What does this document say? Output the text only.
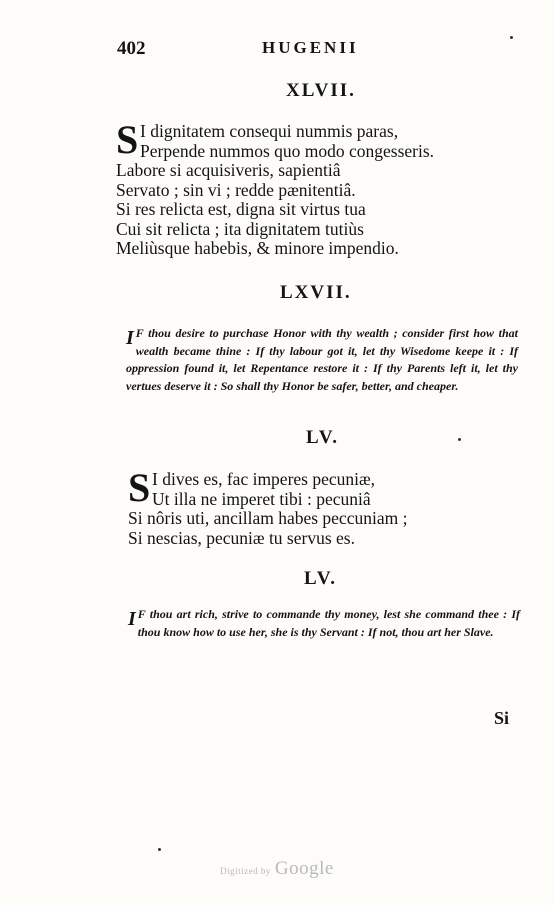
402	HUGENII
XLVII.
S I dignitatem consequi nummis paras,
Perpende nummos quo modo congesseris.
Labore si acquisiveris, sapientiâ
Servato ; sin vi ; redde pænitentiâ.
Si res relicta est, digna sit virtus tua
Cui sit relicta ; ita dignitatem tutiùs
Meliùsque habebis, & minore impendio.
LXVII.
I F thou desire to purchase Honor with thy wealth ; consider first how that wealth became thine : If thy labour got it, let thy Wisedome keepe it : If oppression found it, let Repentance restore it : If thy Parents left it, let thy vertues deserve it : So shall thy Honor be safer, better, and cheaper.
LV.
S I dives es, fac imperes pecuniæ,
Ut illa ne imperet tibi : pecuniâ
Si nôris uti, ancillam habes peccuniam ;
Si nescias, pecuniæ tu servus es.
LV.
I F thou art rich, strive to commande thy money, lest she command thee : If thou know how to use her, she is thy Servant : If not, thou art her Slave.
Si
Digitized by Google
